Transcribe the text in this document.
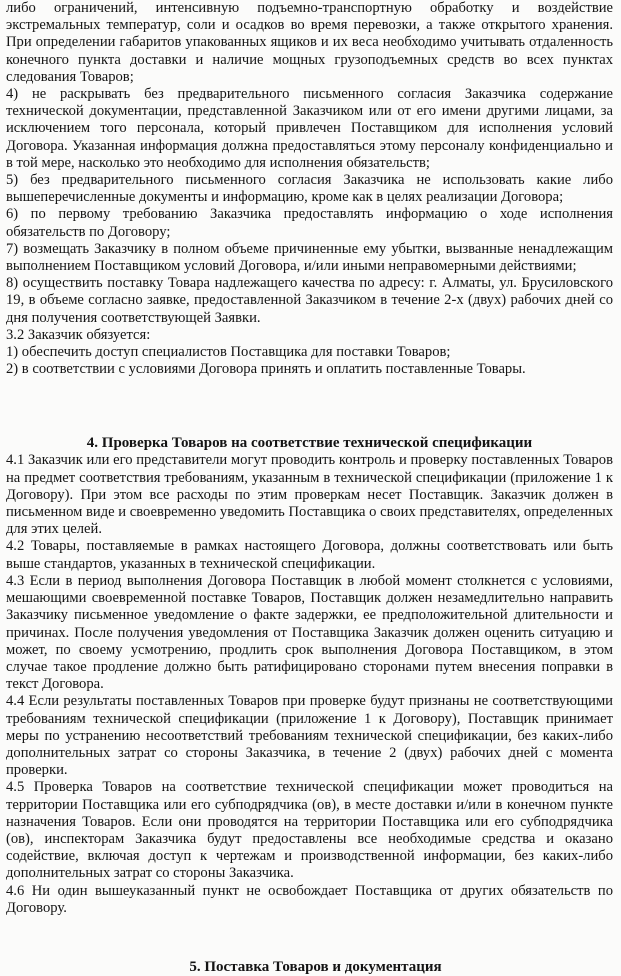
либо ограничений, интенсивную подъемно-транспортную обработку и воздействие экстремальных температур, соли и осадков во время перевозки, а также открытого хранения. При определении габаритов упакованных ящиков и их веса необходимо учитывать отдаленность конечного пункта доставки и наличие мощных грузоподъемных средств во всех пунктах следования Товаров;

4) не раскрывать без предварительного письменного согласия Заказчика содержание технической документации, представленной Заказчиком или от его имени другими лицами, за исключением того персонала, который привлечен Поставщиком для исполнения условий Договора. Указанная информация должна предоставляться этому персоналу конфиденциально и в той мере, насколько это необходимо для исполнения обязательств;

5) без предварительного письменного согласия Заказчика не использовать какие либо вышеперечисленные документы и информацию, кроме как в целях реализации Договора;

6) по первому требованию Заказчика предоставлять информацию о ходе исполнения обязательств по Договору;

7) возмещать Заказчику в полном объеме причиненные ему убытки, вызванные ненадлежащим выполнением Поставщиком условий Договора, и/или иными неправомерными действиями;

8) осуществить поставку Товара надлежащего качества по адресу: г. Алматы, ул. Брусиловского 19, в объеме согласно заявке, предоставленной Заказчиком в течение 2-х (двух) рабочих дней со дня получения соответствующей Заявки.

3.2 Заказчик обязуется:

1) обеспечить доступ специалистов Поставщика для поставки Товаров;

2) в соответствии с условиями Договора принять и оплатить поставленные Товары.

4. Проверка Товаров на соответствие технической спецификации

4.1 Заказчик или его представители могут проводить контроль и проверку поставленных Товаров на предмет соответствия требованиям, указанным в технической спецификации (приложение 1 к Договору). При этом все расходы по этим проверкам несет Поставщик. Заказчик должен в письменном виде и своевременно уведомить Поставщика о своих представителях, определенных для этих целей.

4.2 Товары, поставляемые в рамках настоящего Договора, должны соответствовать или быть выше стандартов, указанных в технической спецификации.

4.3 Если в период выполнения Договора Поставщик в любой момент столкнется с условиями, мешающими своевременной поставке Товаров, Поставщик должен незамедлительно направить Заказчику письменное уведомление о факте задержки, ее предположительной длительности и причинах. После получения уведомления от Поставщика Заказчик должен оценить ситуацию и может, по своему усмотрению, продлить срок выполнения Договора Поставщиком, в этом случае такое продление должно быть ратифицировано сторонами путем внесения поправки в текст Договора.

4.4 Если результаты поставленных Товаров при проверке будут признаны не соответствующими требованиям технической спецификации (приложение 1 к Договору), Поставщик принимает меры по устранению несоответствий требованиям технической спецификации, без каких-либо дополнительных затрат со стороны Заказчика, в течение 2 (двух) рабочих дней с момента проверки.

4.5 Проверка Товаров на соответствие технической спецификации может проводиться на территории Поставщика или его субподрядчика (ов), в месте доставки и/или в конечном пункте назначения Товаров. Если они проводятся на территории Поставщика или его субподрядчика (ов), инспекторам Заказчика будут предоставлены все необходимые средства и оказано содействие, включая доступ к чертежам и производственной информации, без каких-либо дополнительных затрат со стороны Заказчика.

4.6 Ни один вышеуказанный пункт не освобождает Поставщика от других обязательств по Договору.

5. Поставка Товаров и документация
